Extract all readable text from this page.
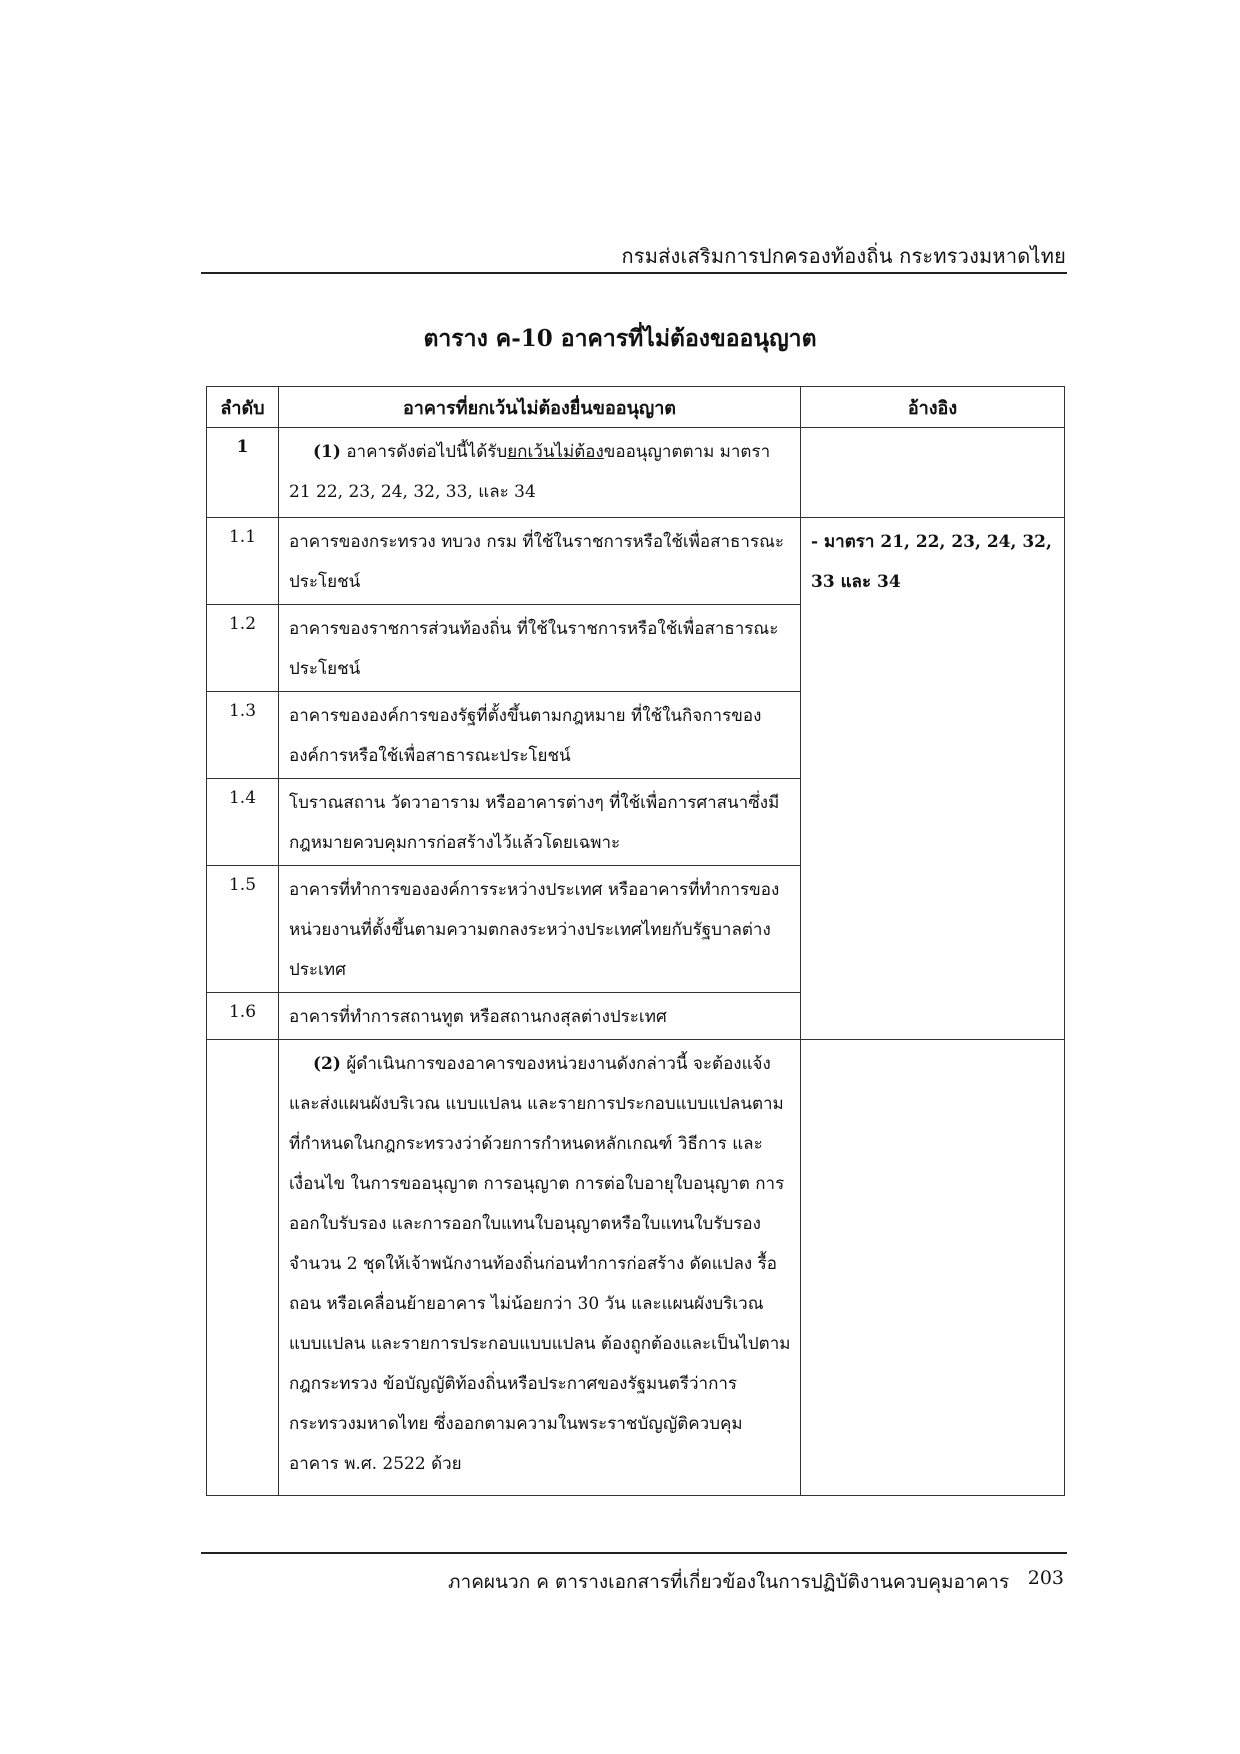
กรมส่งเสริมการปกครองท้องถิ่น กระทรวงมหาดไทย
ตาราง ค-10 อาคารที่ไม่ต้องขออนุญาต
ลำดับ	อาคารที่ยกเว้นไม่ต้องยื่นขออนุญาต	อ้างอิง
1	(1) อาคารดังต่อไปนี้ได้รับยกเว้นไม่ต้องขออนุญาตตาม มาตรา 21 22, 23, 24, 32, 33, และ 34	
1.1	อาคารของกระทรวง ทบวง กรม ที่ใช้ในราชการหรือใช้เพื่อสาธารณะประโยชน์	- มาตรา 21, 22, 23, 24, 32, 33 และ 34
1.2	อาคารของราชการส่วนท้องถิ่น ที่ใช้ในราชการหรือใช้เพื่อสาธารณะประโยชน์	
1.3	อาคารขององค์การของรัฐที่ตั้งขึ้นตามกฎหมาย ที่ใช้ในกิจการขององค์การหรือใช้เพื่อสาธารณะประโยชน์	
1.4	โบราณสถาน วัดวาอาราม หรืออาคารต่างๆ ที่ใช้เพื่อการศาสนาซึ่งมีกฎหมายควบคุมการก่อสร้างไว้แล้วโดยเฉพาะ	
1.5	อาคารที่ทำการขององค์การระหว่างประเทศ หรืออาคารที่ทำการของหน่วยงานที่ตั้งขึ้นตามความตกลงระหว่างประเทศไทยกับรัฐบาลต่างประเทศ	
1.6	อาคารที่ทำการสถานทูต หรือสถานกงสุลต่างประเทศ	
	(2) ผู้ดำเนินการของอาคารของหน่วยงานดังกล่าวนี้ จะต้องแจ้งและส่งแผนผังบริเวณ แบบแปลน และรายการประกอบแบบแปลนตามที่กำหนดในกฎกระทรวงว่าด้วยการกำหนดหลักเกณฑ์ วิธีการ และเงื่อนไข ในการขออนุญาต การอนุญาต การต่อใบอายุใบอนุญาต การออกใบรับรอง และการออกใบแทนใบอนุญาตหรือใบแทนใบรับรอง จำนวน 2 ชุดให้เจ้าพนักงานท้องถิ่นก่อนทำการก่อสร้าง ดัดแปลง รื้อถอน หรือเคลื่อนย้ายอาคาร ไม่น้อยกว่า 30 วัน และแผนผังบริเวณ แบบแปลน และรายการประกอบแบบแปลน ต้องถูกต้องและเป็นไปตามกฎกระทรวง ข้อบัญญัติท้องถิ่นหรือประกาศของรัฐมนตรีว่าการกระทรวงมหาดไทย ซึ่งออกตามความในพระราชบัญญัติควบคุมอาคาร พ.ศ. 2522 ด้วย	
ภาคผนวก ค ตารางเอกสารที่เกี่ยวข้องในการปฏิบัติงานควบคุมอาคาร 203
